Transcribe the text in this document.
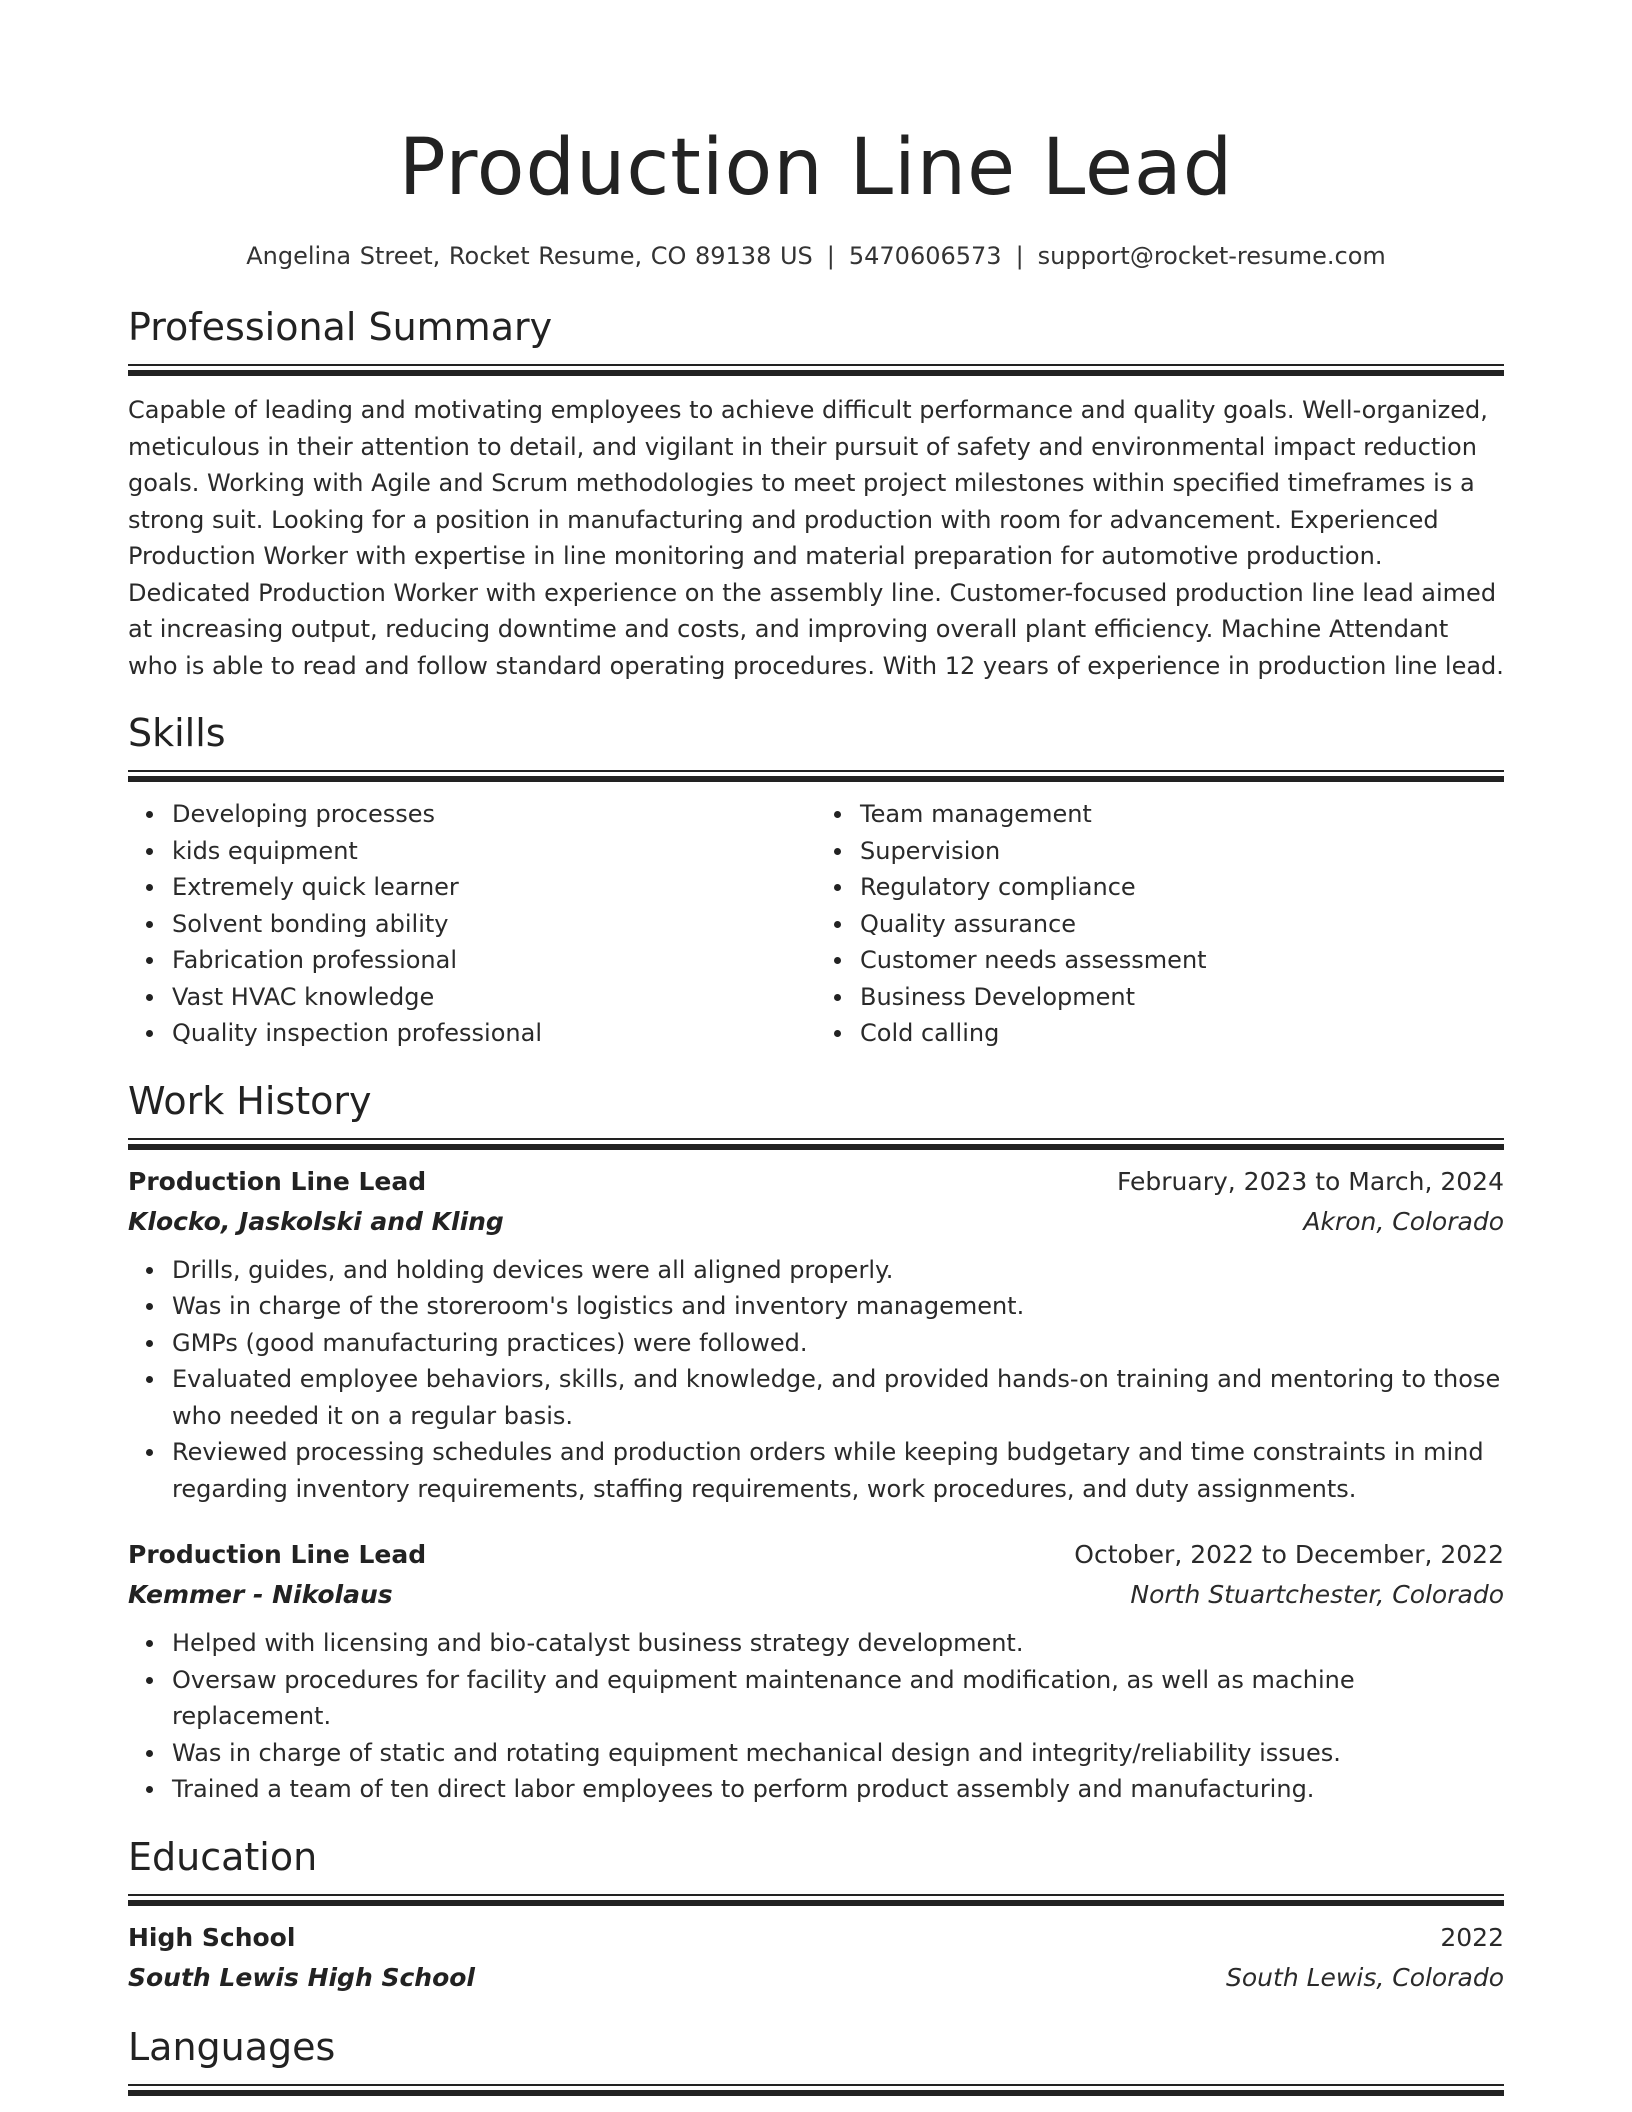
Production Line Lead
Angelina Street, Rocket Resume, CO 89138 US | 5470606573 | support@rocket-resume.com
Professional Summary

Capable of leading and motivating employees to achieve difficult performance and quality goals. Well-organized, meticulous in their attention to detail, and vigilant in their pursuit of safety and environmental impact reduction goals. Working with Agile and Scrum methodologies to meet project milestones within specified timeframes is a strong suit. Looking for a position in manufacturing and production with room for advancement. Experienced Production Worker with expertise in line monitoring and material preparation for automotive production. Dedicated Production Worker with experience on the assembly line. Customer-focused production line lead aimed at increasing output, reducing downtime and costs, and improving overall plant efficiency. Machine Attendant who is able to read and follow standard operating procedures. With 12 years of experience in production line lead.

Skills
Developing processes
kids equipment
Extremely quick learner
Solvent bonding ability
Fabrication professional
Vast HVAC knowledge
Quality inspection professional
Team management
Supervision
Regulatory compliance
Quality assurance
Customer needs assessment
Business Development
Cold calling
Work History
Production Line Lead	February, 2023 to March, 2024
Klocko, Jaskolski and Kling	Akron, Colorado
Drills, guides, and holding devices were all aligned properly.
Was in charge of the storeroom's logistics and inventory management.
GMPs (good manufacturing practices) were followed.
Evaluated employee behaviors, skills, and knowledge, and provided hands-on training and mentoring to those who needed it on a regular basis.
Reviewed processing schedules and production orders while keeping budgetary and time constraints in mind regarding inventory requirements, staffing requirements, work procedures, and duty assignments.
Production Line Lead	October, 2022 to December, 2022
Kemmer - Nikolaus	North Stuartchester, Colorado
Helped with licensing and bio-catalyst business strategy development.
Oversaw procedures for facility and equipment maintenance and modification, as well as machine replacement.
Was in charge of static and rotating equipment mechanical design and integrity/reliability issues.
Trained a team of ten direct labor employees to perform product assembly and manufacturing.
Education
High School	2022
South Lewis High School	South Lewis, Colorado
Languages
